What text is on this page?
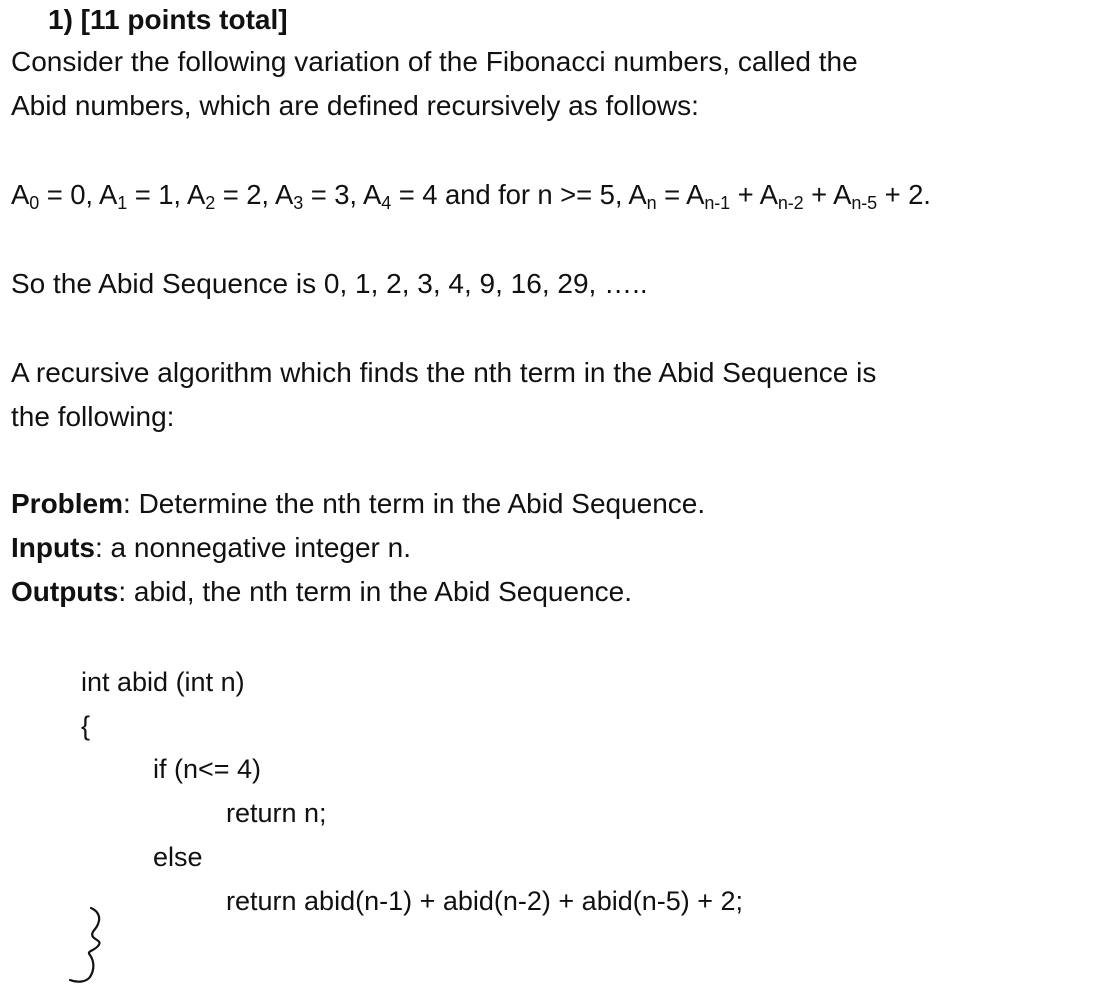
1) [11 points total]
Consider the following variation of the Fibonacci numbers, called the
Abid numbers, which are defined recursively as follows:
$A_0 = 0$, $A_1 = 1$, $A_2 = 2$, $A_3 = 3$, $A_4 = 4$ and for n >= 5, $A_n = A_{n-1} + A_{n-2} + A_{n-5} + 2$.
So the Abid Sequence is 0, 1, 2, 3, 4, 9, 16, 29, …..
A recursive algorithm which finds the nth term in the Abid Sequence is
the following:
Problem: Determine the nth term in the Abid Sequence.
Inputs: a nonnegative integer n.
Outputs: abid, the nth term in the Abid Sequence.
int abid (int n)
{
if (n<= 4)
return n;
else
return abid(n-1) + abid(n-2) + abid(n-5) + 2;
